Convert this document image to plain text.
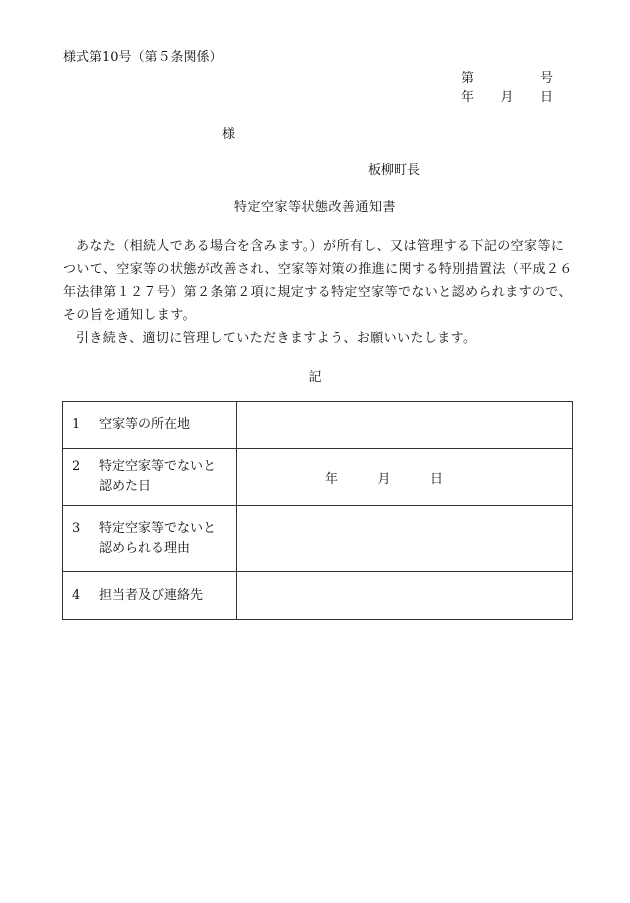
様式第10号（第５条関係）
第	号
年 月 日
様
板柳町長
特定空家等状態改善通知書

あなた（相続人である場合を含みます。）が所有し、又は管理する下記の空家等について、空家等の状態が改善され、空家等対策の推進に関する特別措置法（平成２６年法律第１２７号）第２条第２項に規定する特定空家等でないと認められますので、その旨を通知します。

引き続き、適切に管理していただきますよう、お願いいたします。

記
1 空家等の所在地	

2 特定空家等でないと認めた日	年 月 日

3 特定空家等でないと認められる理由	

4 担当者及び連絡先	
